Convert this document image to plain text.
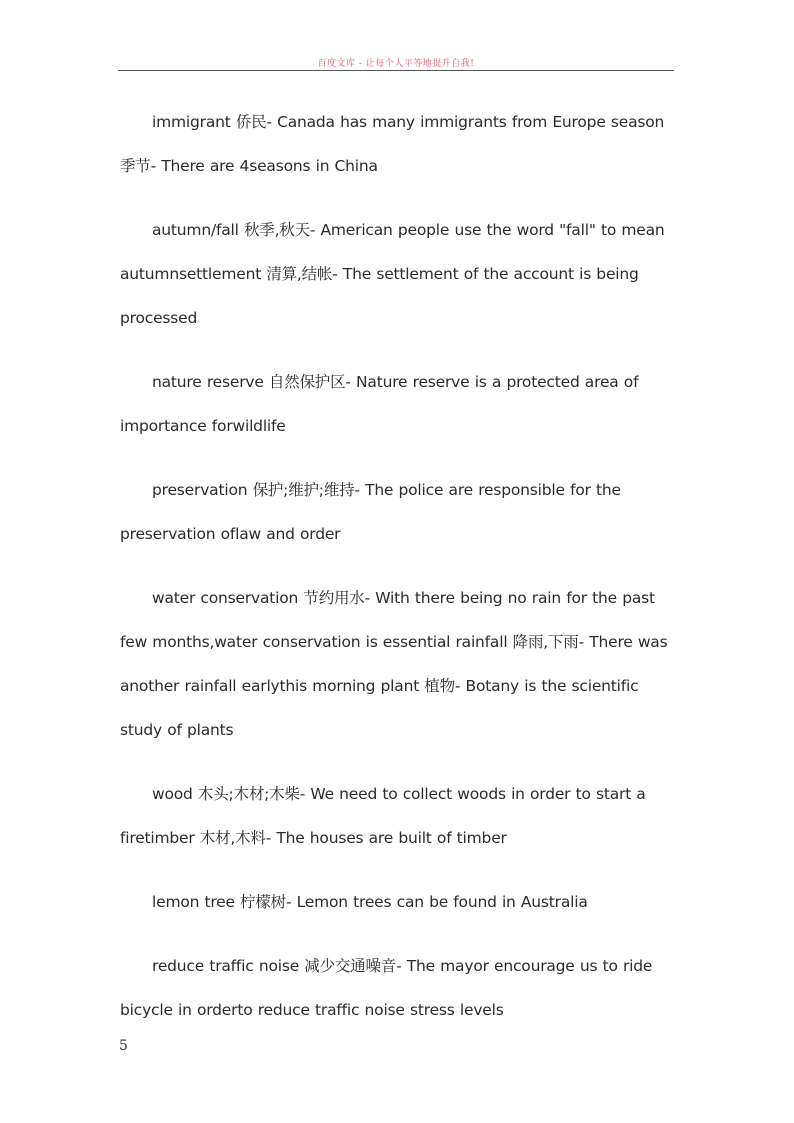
百度文库 - 让每个人平等地提升自我!

immigrant 侨民- Canada has many immigrants from Europe season 季节- There are 4seasons in China

autumn/fall 秋季,秋天- American people use the word "fall" to mean autumnsettlement 清算,结帐- The settlement of the account is being processed

nature reserve 自然保护区- Nature reserve is a protected area of importance forwildlife

preservation 保护;维护;维持- The police are responsible for the preservation oflaw and order

water conservation 节约用水- With there being no rain for the past few months,water conservation is essential rainfall 降雨,下雨- There was another rainfall earlythis morning plant 植物- Botany is the scientific study of plants

wood 木头;木材;木柴- We need to collect woods in order to start a firetimber 木材,木料- The houses are built of timber

lemon tree 柠檬树- Lemon trees can be found in Australia

reduce traffic noise 减少交通噪音- The mayor encourage us to ride bicycle in orderto reduce traffic noise stress levels

5
